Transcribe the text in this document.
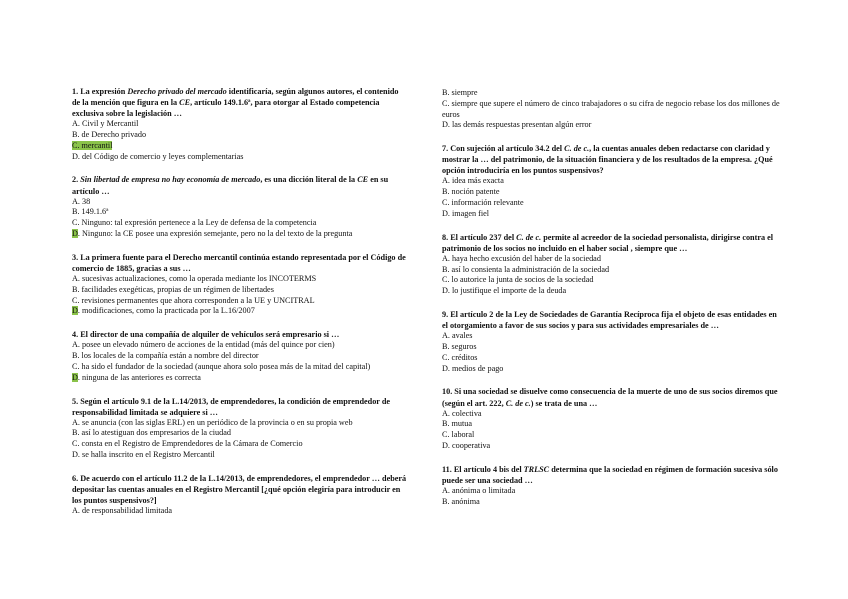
1. La expresión Derecho privado del mercado identificaría, según algunos autores, el contenido de la mención que figura en la CE, artículo 149.1.6ª, para otorgar al Estado competencia exclusiva sobre la legislación …

A. Civil y Mercantil

B. de Derecho privado

C. mercantil

D. del Código de comercio y leyes complementarias

2. Sin libertad de empresa no hay economía de mercado, es una dicción literal de la CE en su artículo …

A. 38

B. 149.1.6ª

C. Ninguno: tal expresión pertenece a la Ley de defensa de la competencia

D. Ninguno: la CE posee una expresión semejante, pero no la del texto de la pregunta

3. La primera fuente para el Derecho mercantil continúa estando representada por el Código de comercio de 1885, gracias a sus …

A. sucesivas actualizaciones, como la operada mediante los INCOTERMS

B. facilidades exegéticas, propias de un régimen de libertades

C. revisiones permanentes que ahora corresponden a la UE y UNCITRAL

D. modificaciones, como la practicada por la L.16/2007

4. El director de una compañía de alquiler de vehículos será empresario si …

A. posee un elevado número de acciones de la entidad (más del quince por cien)

B. los locales de la compañía están a nombre del director

C. ha sido el fundador de la sociedad (aunque ahora solo posea más de la mitad del capital)

D. ninguna de las anteriores es correcta

5. Según el artículo 9.1 de la L.14/2013, de emprendedores, la condición de emprendedor de responsabilidad limitada se adquiere si …

A. se anuncia (con las siglas ERL) en un periódico de la provincia o en su propia web

B. así lo atestiguan dos empresarios de la ciudad

C. consta en el Registro de Emprendedores de la Cámara de Comercio

D. se halla inscrito en el Registro Mercantil

6. De acuerdo con el artículo 11.2 de la L.14/2013, de emprendedores, el emprendedor … deberá depositar las cuentas anuales en el Registro Mercantil [¿qué opción elegiría para introducir en los puntos suspensivos?]

A. de responsabilidad limitada

B. siempre

C. siempre que supere el número de cinco trabajadores o su cifra de negocio rebase los dos millones de euros

D. las demás respuestas presentan algún error

7. Con sujeción al artículo 34.2 del C. de c., la cuentas anuales deben redactarse con claridad y mostrar la … del patrimonio, de la situación financiera y de los resultados de la empresa. ¿Qué opción introduciría en los puntos suspensivos?

A. idea más exacta

B. noción patente

C. información relevante

D. imagen fiel

8. El artículo 237 del C. de c. permite al acreedor de la sociedad personalista, dirigirse contra el patrimonio de los socios no incluido en el haber social , siempre que …

A. haya hecho excusión del haber de la sociedad

B. así lo consienta la administración de la sociedad

C. lo autorice la junta de socios de la sociedad

D. lo justifique el importe de la deuda

9. El artículo 2 de la Ley de Sociedades de Garantía Recíproca fija el objeto de esas entidades en el otorgamiento a favor de sus socios y para sus actividades empresariales de …

A. avales

B. seguros

C. créditos

D. medios de pago

10. Si una sociedad se disuelve como consecuencia de la muerte de uno de sus socios diremos que (según el art. 222, C. de c.) se trata de una …

A. colectiva

B. mutua

C. laboral

D. cooperativa

11. El artículo 4 bis del TRLSC determina que la sociedad en régimen de formación sucesiva sólo puede ser una sociedad …

A. anónima o limitada

B. anónima
